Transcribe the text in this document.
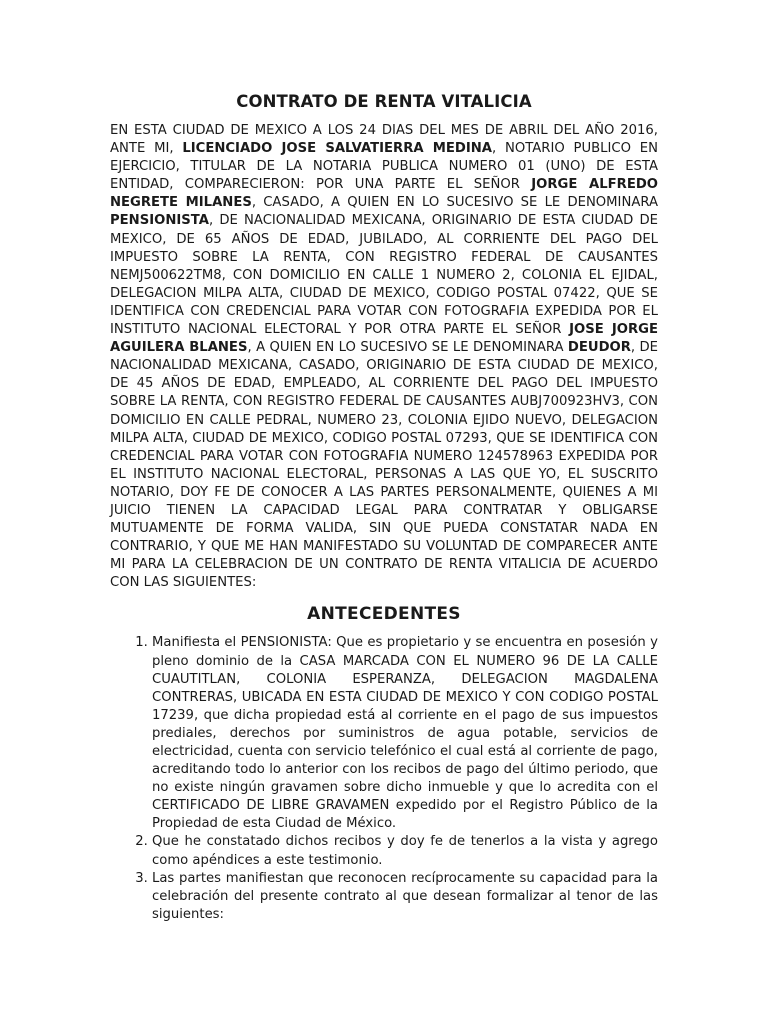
CONTRATO DE RENTA VITALICIA

EN ESTA CIUDAD DE MEXICO A LOS 24 DIAS DEL MES DE ABRIL DEL AÑO 2016, ANTE MI, LICENCIADO JOSE SALVATIERRA MEDINA, NOTARIO PUBLICO EN EJERCICIO, TITULAR DE LA NOTARIA PUBLICA NUMERO 01 (UNO) DE ESTA ENTIDAD, COMPARECIERON: POR UNA PARTE EL SEÑOR JORGE ALFREDO NEGRETE MILANES, CASADO, A QUIEN EN LO SUCESIVO SE LE DENOMINARA PENSIONISTA, DE NACIONALIDAD MEXICANA, ORIGINARIO DE ESTA CIUDAD DE MEXICO, DE 65 AÑOS DE EDAD, JUBILADO, AL CORRIENTE DEL PAGO DEL IMPUESTO SOBRE LA RENTA, CON REGISTRO FEDERAL DE CAUSANTES NEMJ500622TM8, CON DOMICILIO EN CALLE 1 NUMERO 2, COLONIA EL EJIDAL, DELEGACION MILPA ALTA, CIUDAD DE MEXICO, CODIGO POSTAL 07422, QUE SE IDENTIFICA CON CREDENCIAL PARA VOTAR CON FOTOGRAFIA EXPEDIDA POR EL INSTITUTO NACIONAL ELECTORAL Y POR OTRA PARTE EL SEÑOR JOSE JORGE AGUILERA BLANES, A QUIEN EN LO SUCESIVO SE LE DENOMINARA DEUDOR, DE NACIONALIDAD MEXICANA, CASADO, ORIGINARIO DE ESTA CIUDAD DE MEXICO, DE 45 AÑOS DE EDAD, EMPLEADO, AL CORRIENTE DEL PAGO DEL IMPUESTO SOBRE LA RENTA, CON REGISTRO FEDERAL DE CAUSANTES AUBJ700923HV3, CON DOMICILIO EN CALLE PEDRAL, NUMERO 23, COLONIA EJIDO NUEVO, DELEGACION MILPA ALTA, CIUDAD DE MEXICO, CODIGO POSTAL 07293, QUE SE IDENTIFICA CON CREDENCIAL PARA VOTAR CON FOTOGRAFIA NUMERO 124578963 EXPEDIDA POR EL INSTITUTO NACIONAL ELECTORAL, PERSONAS A LAS QUE YO, EL SUSCRITO NOTARIO, DOY FE DE CONOCER A LAS PARTES PERSONALMENTE, QUIENES A MI JUICIO TIENEN LA CAPACIDAD LEGAL PARA CONTRATAR Y OBLIGARSE MUTUAMENTE DE FORMA VALIDA, SIN QUE PUEDA CONSTATAR NADA EN CONTRARIO, Y QUE ME HAN MANIFESTADO SU VOLUNTAD DE COMPARECER ANTE MI PARA LA CELEBRACION DE UN CONTRATO DE RENTA VITALICIA DE ACUERDO CON LAS SIGUIENTES:

ANTECEDENTES
1. Manifiesta el PENSIONISTA: Que es propietario y se encuentra en posesión y pleno dominio de la CASA MARCADA CON EL NUMERO 96 DE LA CALLE CUAUTITLAN, COLONIA ESPERANZA, DELEGACION MAGDALENA CONTRERAS, UBICADA EN ESTA CIUDAD DE MEXICO Y CON CODIGO POSTAL 17239, que dicha propiedad está al corriente en el pago de sus impuestos prediales, derechos por suministros de agua potable, servicios de electricidad, cuenta con servicio telefónico el cual está al corriente de pago, acreditando todo lo anterior con los recibos de pago del último periodo, que no existe ningún gravamen sobre dicho inmueble y que lo acredita con el CERTIFICADO DE LIBRE GRAVAMEN expedido por el Registro Público de la Propiedad de esta Ciudad de México.
2. Que he constatado dichos recibos y doy fe de tenerlos a la vista y agrego como apéndices a este testimonio.
3. Las partes manifiestan que reconocen recíprocamente su capacidad para la celebración del presente contrato al que desean formalizar al tenor de las siguientes:
